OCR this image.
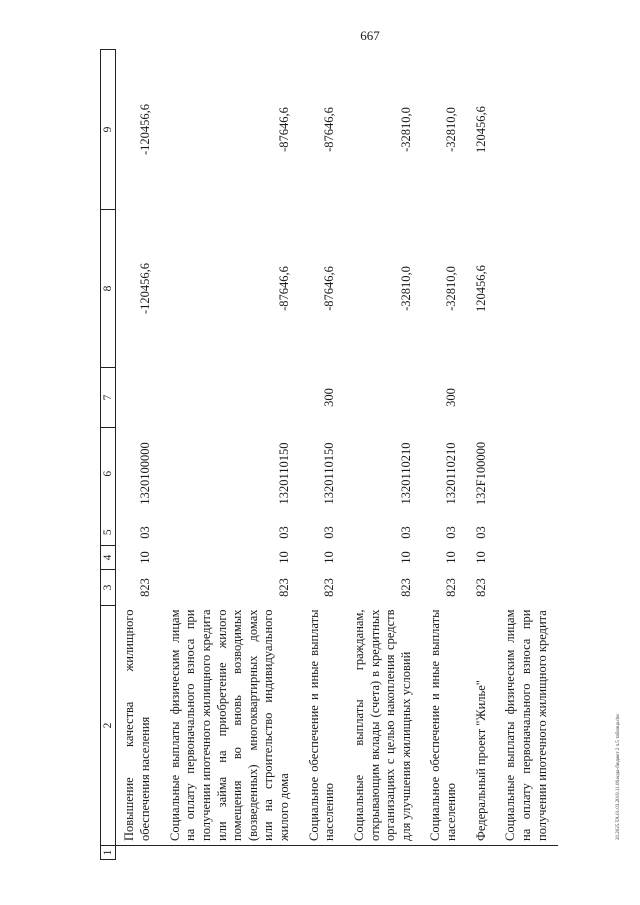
667
20.2025.ТА.01.03.2019.11.06.кода-бюджет 2 ч.5 таблица.doc
1	2	3	4	5	6	7	8	9
	Повышение качества жилищного обеспечения населения	823	10	03	1320100000		-120456,6	-120456,6
	Социальные выплаты физическим лицам на оплату первоначального взноса при получении ипотечного жилищного кредита или займа на приобретение жилого помещения во вновь возводимых (возведенных) многоквартирных домах или на строительство индивидуального жилого дома	823	10	03	1320110150		-87646,6	-87646,6
	Социальное обеспечение и иные выплаты населению	823	10	03	1320110150	300	-87646,6	-87646,6
	Социальные выплаты гражданам, открывающим вклады (счета) в кредитных организациях с целью накопления средств для улучшения жилищных условий	823	10	03	1320110210		-32810,0	-32810,0
	Социальное обеспечение и иные выплаты населению	823	10	03	1320110210	300	-32810,0	-32810,0
	Федеральный проект "Жилье"	823	10	03	132F100000		120456,6	120456,6
	Социальные выплаты физическим лицам на оплату первоначального взноса при получении ипотечного жилищного кредита							
